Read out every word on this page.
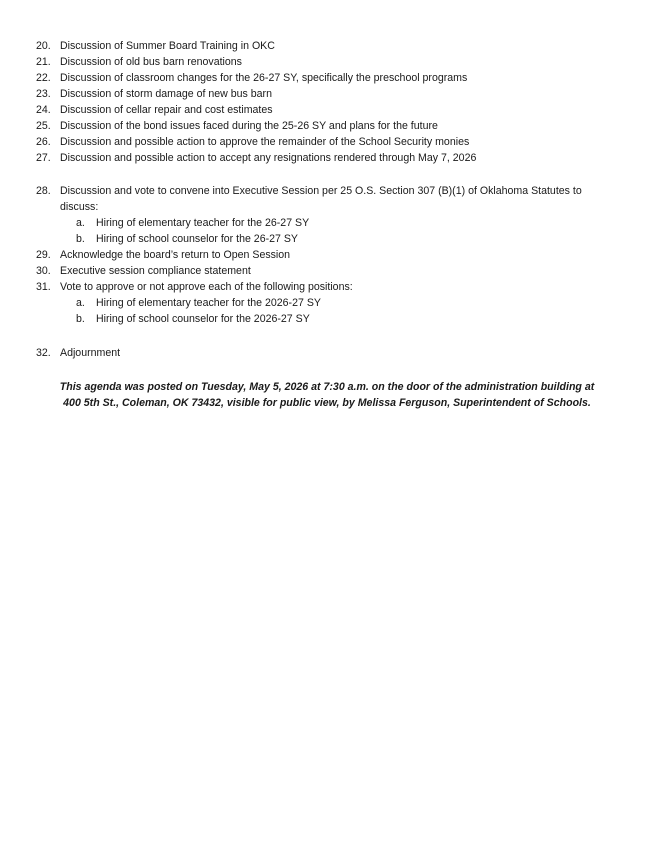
20. Discussion of Summer Board Training in OKC
21. Discussion of old bus barn renovations
22. Discussion of classroom changes for the 26-27 SY, specifically the preschool programs
23. Discussion of storm damage of new bus barn
24. Discussion of cellar repair and cost estimates
25. Discussion of the bond issues faced during the 25-26 SY and plans for the future
26. Discussion and possible action to approve the remainder of the School Security monies
27. Discussion and possible action to accept any resignations rendered through May 7, 2026
28. Discussion and vote to convene into Executive Session per 25 O.S. Section 307 (B)(1) of Oklahoma Statutes to
discuss:
a. Hiring of elementary teacher for the 26-27 SY
b. Hiring of school counselor for the 26-27 SY
29. Acknowledge the board’s return to Open Session
30. Executive session compliance statement
31. Vote to approve or not approve each of the following positions:
a. Hiring of elementary teacher for the 2026-27 SY
b. Hiring of school counselor for the 2026-27 SY
32. Adjournment
This agenda was posted on Tuesday, May 5, 2026 at 7:30 a.m. on the door of the administration building at
400 5th St., Coleman, OK 73432, visible for public view, by Melissa Ferguson, Superintendent of Schools.
